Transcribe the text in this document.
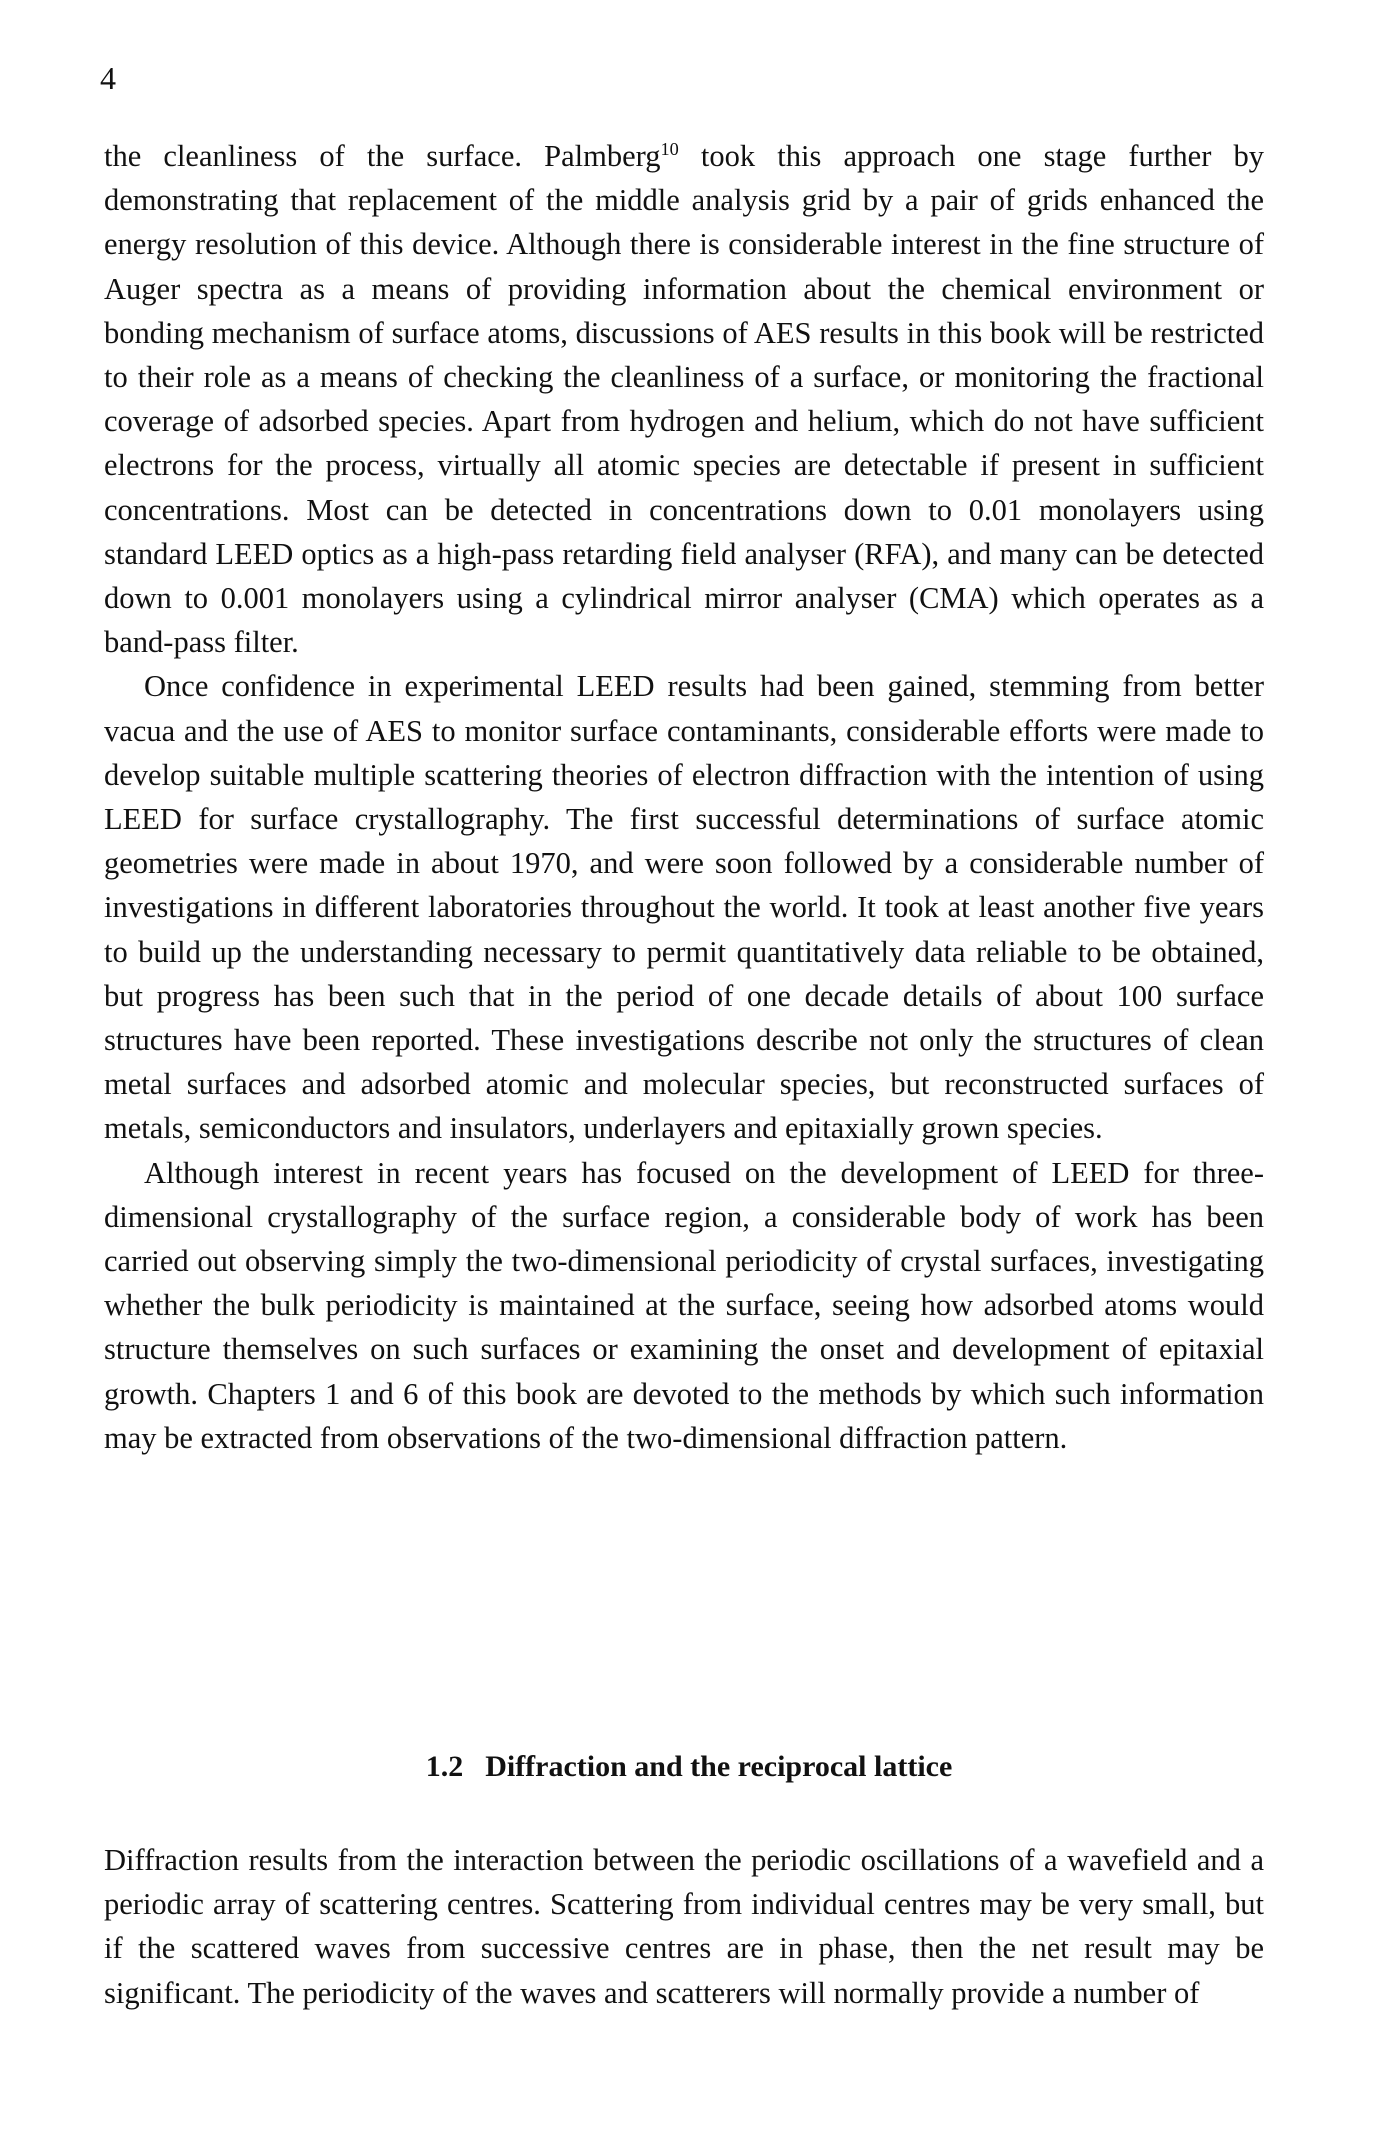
4

the cleanliness of the surface. Palmberg$^{10}$ took this approach one stage further by demonstrating that replacement of the middle analysis grid by a pair of grids enhanced the energy resolution of this device. Although there is considerable interest in the fine structure of Auger spectra as a means of providing information about the chemical environment or bonding mechanism of surface atoms, discussions of AES results in this book will be restricted to their role as a means of checking the cleanliness of a surface, or monitoring the fractional coverage of adsorbed species. Apart from hydrogen and helium, which do not have sufficient electrons for the process, virtually all atomic species are detectable if present in sufficient concentrations. Most can be detected in concentrations down to 0.01 monolayers using standard LEED optics as a high-pass retarding field analyser (RFA), and many can be detected down to 0.001 monolayers using a cylindrical mirror analyser (CMA) which operates as a band-pass filter.

Once confidence in experimental LEED results had been gained, stemming from better vacua and the use of AES to monitor surface contaminants, considerable efforts were made to develop suitable multiple scattering theories of electron diffraction with the intention of using LEED for surface crystallography. The first successful determinations of surface atomic geometries were made in about 1970, and were soon followed by a considerable number of investigations in different laboratories throughout the world. It took at least another five years to build up the understanding necessary to permit quantitatively data reliable to be obtained, but progress has been such that in the period of one decade details of about 100 surface structures have been reported. These investigations describe not only the structures of clean metal surfaces and adsorbed atomic and molecular species, but reconstructed surfaces of metals, semiconductors and insulators, underlayers and epitaxially grown species.

Although interest in recent years has focused on the development of LEED for three-dimensional crystallography of the surface region, a considerable body of work has been carried out observing simply the two-dimensional periodicity of crystal surfaces, investigating whether the bulk periodicity is maintained at the surface, seeing how adsorbed atoms would structure themselves on such surfaces or examining the onset and development of epitaxial growth. Chapters 1 and 6 of this book are devoted to the methods by which such information may be extracted from observations of the two-dimensional diffraction pattern.

1.2 Diffraction and the reciprocal lattice

Diffraction results from the interaction between the periodic oscillations of a wavefield and a periodic array of scattering centres. Scattering from individual centres may be very small, but if the scattered waves from successive centres are in phase, then the net result may be significant. The periodicity of the waves and scatterers will normally provide a number of
